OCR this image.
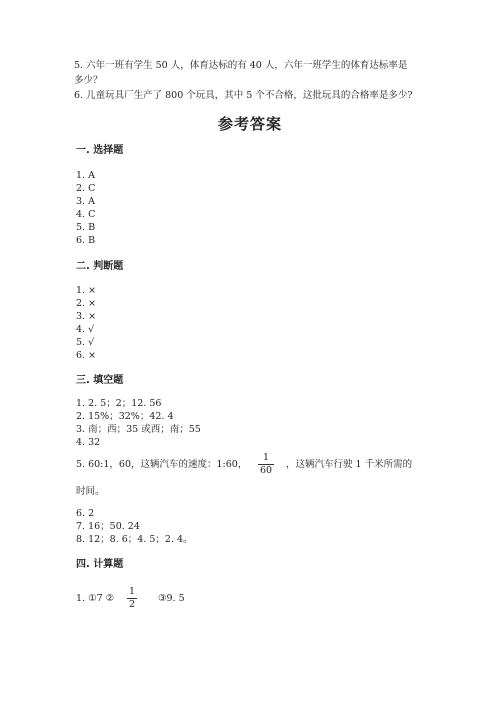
5. 六年一班有学生 50 人，体育达标的有 40 人，六年一班学生的体育达标率是
多少？
6. 儿童玩具厂生产了 800 个玩具，其中 5 个不合格，这批玩具的合格率是多少?
参考答案
一. 选择题
1. A
2. C
3. A
4. C
5. B
6. B
二. 判断题
1. ×
2. ×
3. ×
4. √
5. √
6. ×
三. 填空题
1. 2. 5；2；12. 56
2. 15%；32%；42. 4
3. 南；西；35 或西；南；55
4. 32
5. 60:1，60，这辆汽车的速度：1:60，
1
60
，这辆汽车行驶 1 千米所需的
时间。
6. 2
7. 16；50. 24
8. 12；8. 6；4. 5；2. 4。
四. 计算题
1. ①7 ②
1
2
③9. 5
